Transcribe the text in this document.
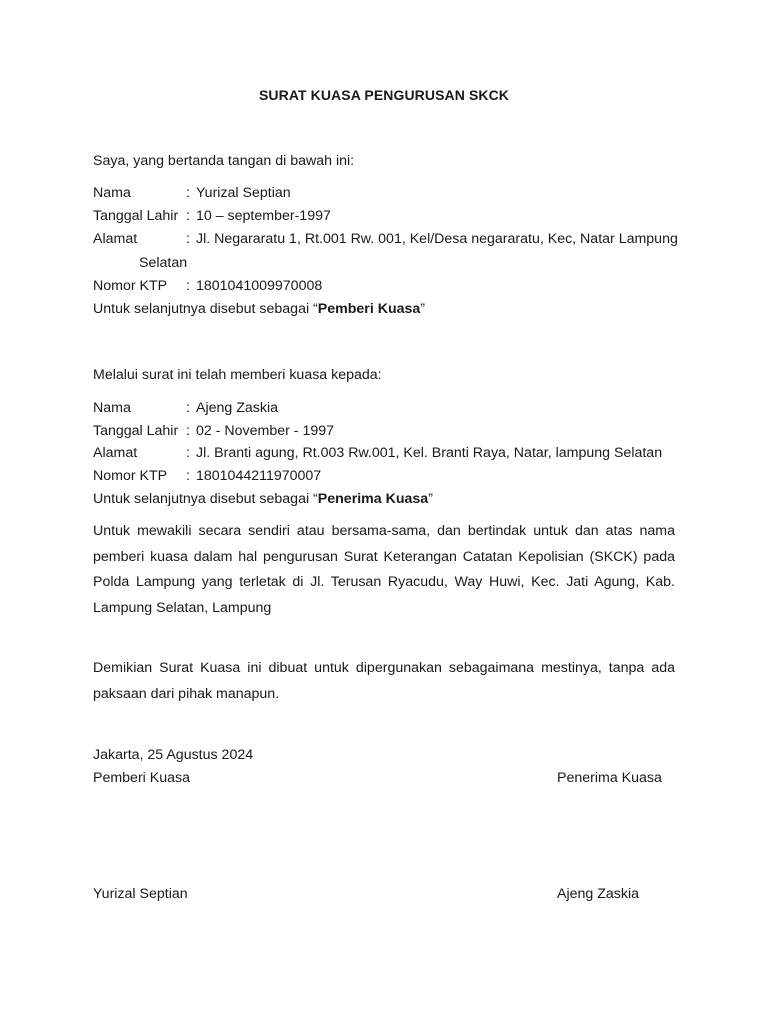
SURAT KUASA PENGURUSAN SKCK
Saya, yang bertanda tangan di bawah ini:
Nama	: Yurizal Septian
Tanggal Lahir : 10 – september-1997
Alamat	: Jl. Negararatu 1, Rt.001 Rw. 001, Kel/Desa negararatu, Kec, Natar Lampung
Selatan
Nomor KTP : 1801041009970008
Untuk selanjutnya disebut sebagai “Pemberi Kuasa”
Melalui surat ini telah memberi kuasa kepada:
Nama	: Ajeng Zaskia
Tanggal Lahir : 02 - November - 1997
Alamat	: Jl. Branti agung, Rt.003 Rw.001, Kel. Branti Raya, Natar, lampung Selatan
Nomor KTP : 1801044211970007
Untuk selanjutnya disebut sebagai “Penerima Kuasa”
Untuk mewakili secara sendiri atau bersama-sama, dan bertindak untuk dan atas nama pemberi kuasa dalam hal pengurusan Surat Keterangan Catatan Kepolisian (SKCK) pada Polda Lampung yang terletak di Jl. Terusan Ryacudu, Way Huwi, Kec. Jati Agung, Kab. Lampung Selatan, Lampung
Demikian Surat Kuasa ini dibuat untuk dipergunakan sebagaimana mestinya, tanpa ada paksaan dari pihak manapun.
Jakarta, 25 Agustus 2024
Pemberi Kuasa	Penerima Kuasa
Yurizal Septian	Ajeng Zaskia
